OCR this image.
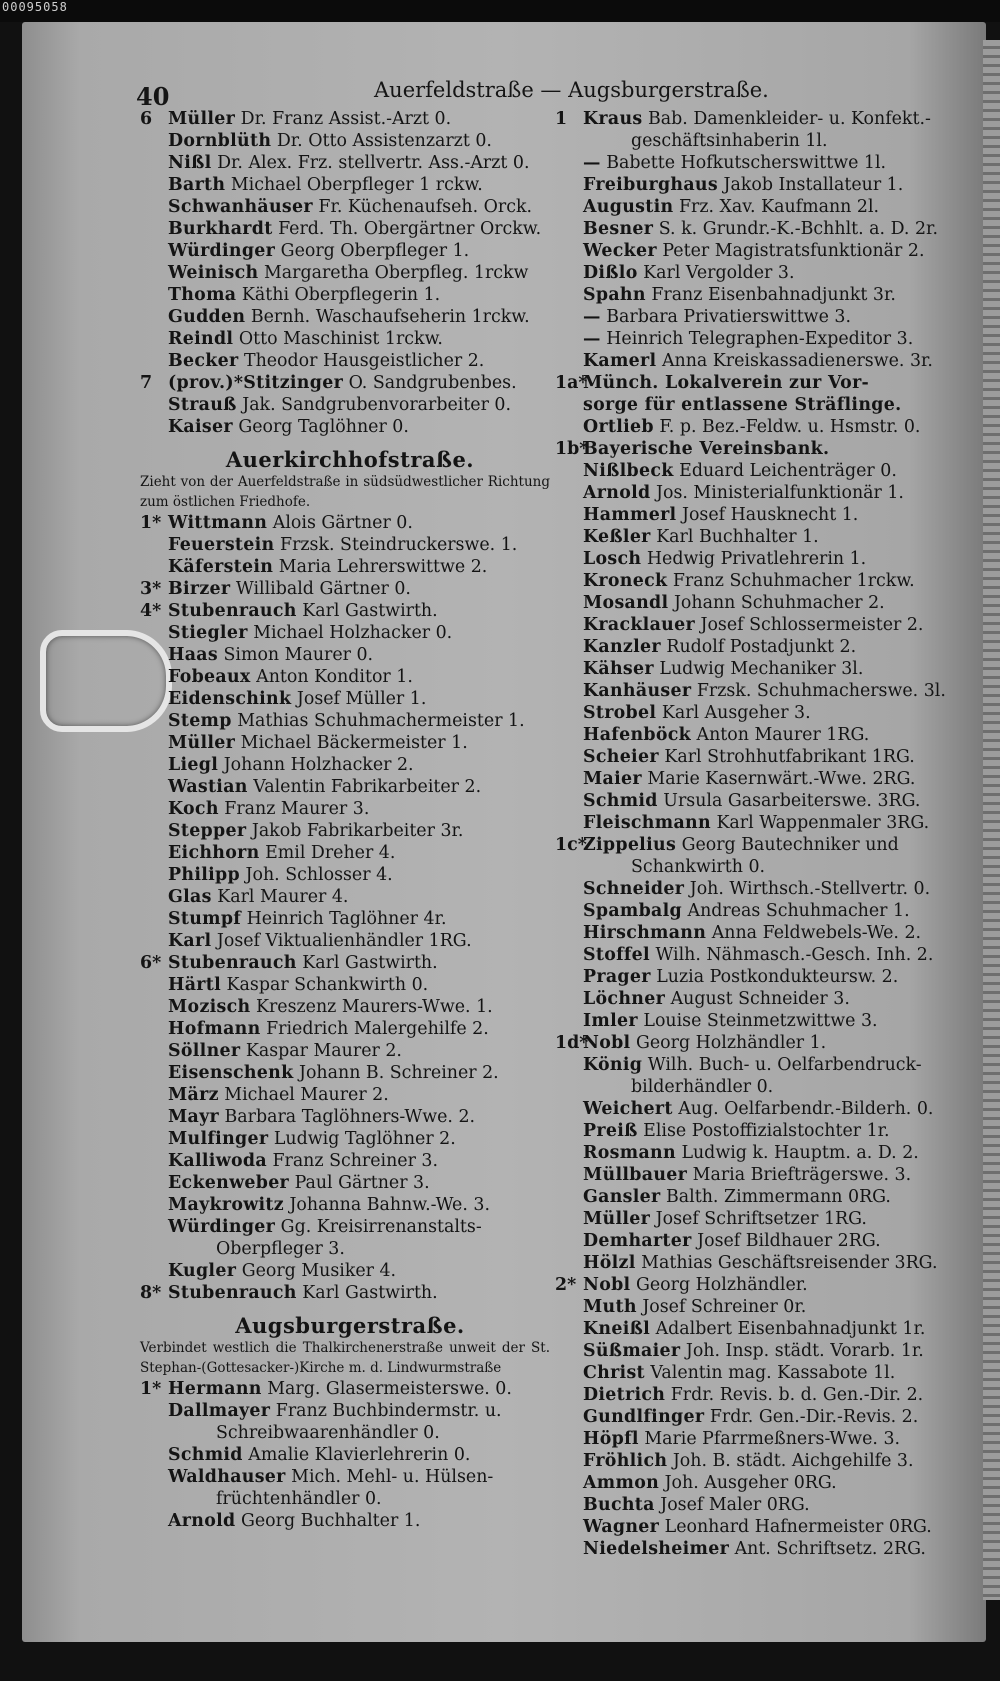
00095058
40	Auerfeldstraße — Augsburgerstraße.
6 Müller Dr. Franz Assist.-Arzt 0.
Dornblüth Dr. Otto Assistenzarzt 0.
Nißl Dr. Alex. Frz. stellvertr. Ass.-Arzt 0.
Barth Michael Oberpfleger 1 rckw.
Schwanhäuser Fr. Küchenaufseh. Orck.
Burkhardt Ferd. Th. Obergärtner Orckw.
Würdinger Georg Oberpfleger 1.
Weinisch Margaretha Oberpfleg. 1rckw
Thoma Käthi Oberpflegerin 1.
Gudden Bernh. Waschaufseherin 1rckw.
Reindl Otto Maschinist 1rckw.
Becker Theodor Hausgeistlicher 2.
7 (prov.)*Stitzinger O. Sandgrubenbes.
Strauß Jak. Sandgrubenvorarbeiter 0.
Kaiser Georg Taglöhner 0.
Auerkirchhofstraße.
Zieht von der Auerfeldstraße in südsüdwestlicher Richtung zum östlichen Friedhofe.
1* Wittmann Alois Gärtner 0.
Feuerstein Frzsk. Steindruckerswe. 1.
Käferstein Maria Lehrerswittwe 2.
3* Birzer Willibald Gärtner 0.
4* Stubenrauch Karl Gastwirth.
Stiegler Michael Holzhacker 0.
Haas Simon Maurer 0.
Fobeaux Anton Konditor 1.
Eidenschink Josef Müller 1.
Stemp Mathias Schuhmachermeister 1.
Müller Michael Bäckermeister 1.
Liegl Johann Holzhacker 2.
Wastian Valentin Fabrikarbeiter 2.
Koch Franz Maurer 3.
Stepper Jakob Fabrikarbeiter 3r.
Eichhorn Emil Dreher 4.
Philipp Joh. Schlosser 4.
Glas Karl Maurer 4.
Stumpf Heinrich Taglöhner 4r.
Karl Josef Viktualienhändler 1RG.
6* Stubenrauch Karl Gastwirth.
Härtl Kaspar Schankwirth 0.
Mozisch Kreszenz Maurers-Wwe. 1.
Hofmann Friedrich Malergehilfe 2.
Söllner Kaspar Maurer 2.
Eisenschenk Johann B. Schreiner 2.
März Michael Maurer 2.
Mayr Barbara Taglöhners-Wwe. 2.
Mulfinger Ludwig Taglöhner 2.
Kalliwoda Franz Schreiner 3.
Eckenweber Paul Gärtner 3.
Maykrowitz Johanna Bahnw.-We. 3.
Würdinger Gg. Kreisirrenanstalts-
Oberpfleger 3.
Kugler Georg Musiker 4.
8* Stubenrauch Karl Gastwirth.
Augsburgerstraße.
Verbindet westlich die Thalkirchenerstraße unweit der St. Stephan-(Gottesacker-)Kirche m. d. Lindwurmstraße
1* Hermann Marg. Glasermeisterswe. 0.
Dallmayer Franz Buchbindermstr. u.
Schreibwaarenhändler 0.
Schmid Amalie Klavierlehrerin 0.
Waldhauser Mich. Mehl- u. Hülsen-
früchtenhändler 0.
Arnold Georg Buchhalter 1.
1 Kraus Bab. Damenkleider- u. Konfekt.-
geschäftsinhaberin 1l.
— Babette Hofkutscherswittwe 1l.
Freiburghaus Jakob Installateur 1.
Augustin Frz. Xav. Kaufmann 2l.
Besner S. k. Grundr.-K.-Bchhlt. a. D. 2r.
Wecker Peter Magistratsfunktionär 2.
Dißlo Karl Vergolder 3.
Spahn Franz Eisenbahnadjunkt 3r.
— Barbara Privatierswittwe 3.
— Heinrich Telegraphen-Expeditor 3.
Kamerl Anna Kreiskassadienerswe. 3r.
1a*Münch. Lokalverein zur Vor-
sorge für entlassene Sträflinge.
Ortlieb F. p. Bez.-Feldw. u. Hsmstr. 0.
1b*Bayerische Vereinsbank.
Nißlbeck Eduard Leichenträger 0.
Arnold Jos. Ministerialfunktionär 1.
Hammerl Josef Hausknecht 1.
Keßler Karl Buchhalter 1.
Losch Hedwig Privatlehrerin 1.
Kroneck Franz Schuhmacher 1rckw.
Mosandl Johann Schuhmacher 2.
Kracklauer Josef Schlossermeister 2.
Kanzler Rudolf Postadjunkt 2.
Kähser Ludwig Mechaniker 3l.
Kanhäuser Frzsk. Schuhmacherswe. 3l.
Strobel Karl Ausgeher 3.
Hafenböck Anton Maurer 1RG.
Scheier Karl Strohhutfabrikant 1RG.
Maier Marie Kasernwärt.-Wwe. 2RG.
Schmid Ursula Gasarbeiterswe. 3RG.
Fleischmann Karl Wappenmaler 3RG.
1c*Zippelius Georg Bautechniker und
Schankwirth 0.
Schneider Joh. Wirthsch.-Stellvertr. 0.
Spambalg Andreas Schuhmacher 1.
Hirschmann Anna Feldwebels-We. 2.
Stoffel Wilh. Nähmasch.-Gesch. Inh. 2.
Prager Luzia Postkondukteursw. 2.
Löchner August Schneider 3.
Imler Louise Steinmetzwittwe 3.
1d*Nobl Georg Holzhändler 1.
König Wilh. Buch- u. Oelfarbendruck-
bilderhändler 0.
Weichert Aug. Oelfarbendr.-Bilderh. 0.
Preiß Elise Postoffizialstochter 1r.
Rosmann Ludwig k. Hauptm. a. D. 2.
Müllbauer Maria Briefträgerswe. 3.
Gansler Balth. Zimmermann 0RG.
Müller Josef Schriftsetzer 1RG.
Demharter Josef Bildhauer 2RG.
Hölzl Mathias Geschäftsreisender 3RG.
2* Nobl Georg Holzhändler.
Muth Josef Schreiner 0r.
Kneißl Adalbert Eisenbahnadjunkt 1r.
Süßmaier Joh. Insp. städt. Vorarb. 1r.
Christ Valentin mag. Kassabote 1l.
Dietrich Frdr. Revis. b. d. Gen.-Dir. 2.
Gundlfinger Frdr. Gen.-Dir.-Revis. 2.
Höpfl Marie Pfarrmeßners-Wwe. 3.
Fröhlich Joh. B. städt. Aichgehilfe 3.
Ammon Joh. Ausgeher 0RG.
Buchta Josef Maler 0RG.
Wagner Leonhard Hafnermeister 0RG.
Niedelsheimer Ant. Schriftsetz. 2RG.
